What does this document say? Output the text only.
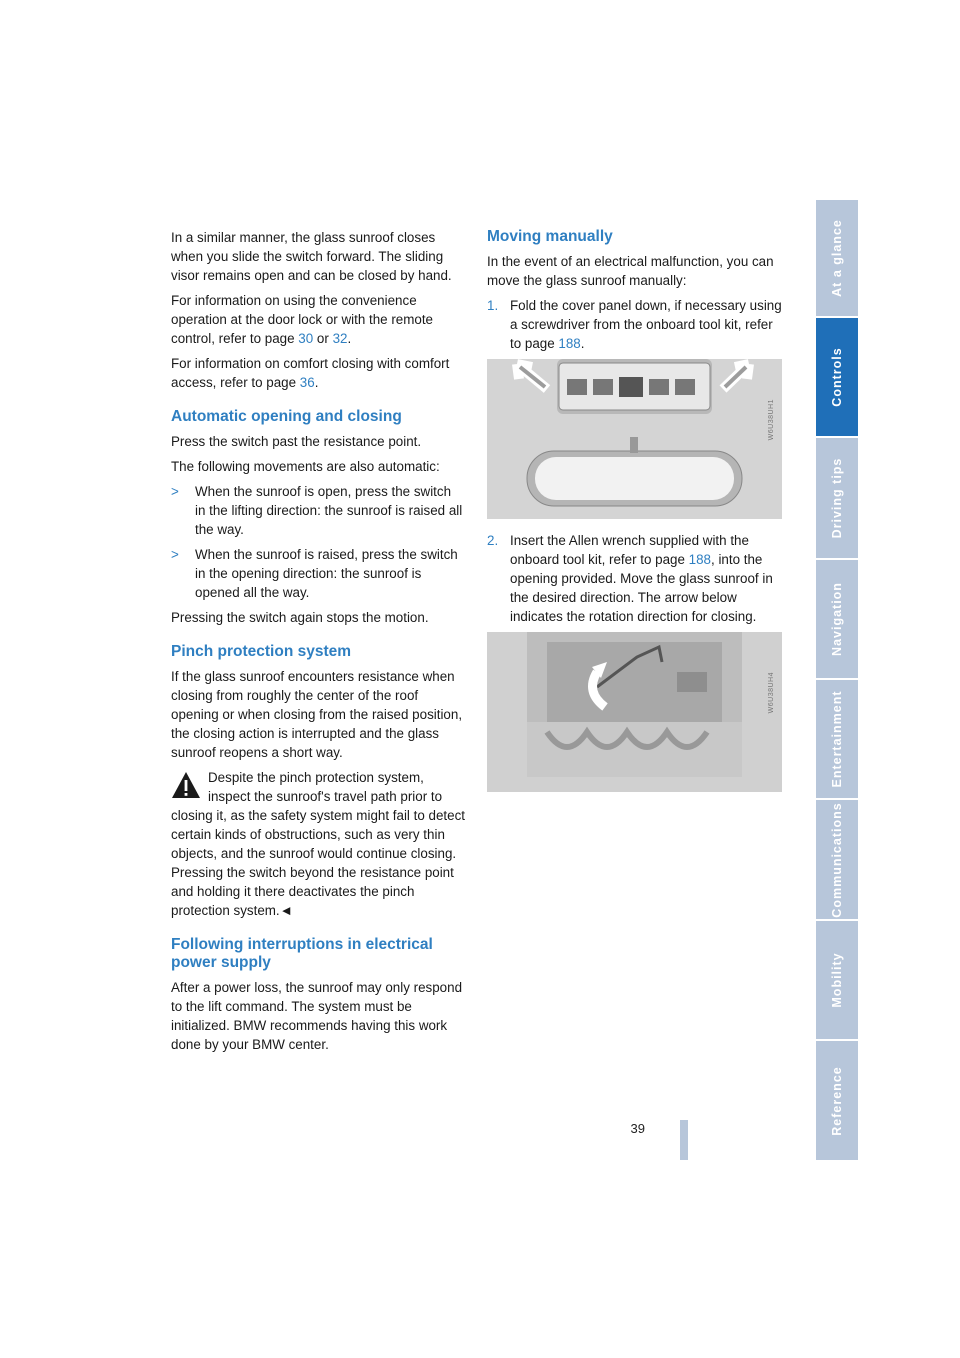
In a similar manner, the glass sunroof closes when you slide the switch forward. The sliding visor remains open and can be closed by hand.

For information on using the convenience operation at the door lock or with the remote control, refer to page 30 or 32.

For information on comfort closing with comfort access, refer to page 36.

Automatic opening and closing

Press the switch past the resistance point.

The following movements are also automatic:

> When the sunroof is open, press the switch in the lifting direction: the sunroof is raised all the way.
> When the sunroof is raised, press the switch in the opening direction: the sunroof is opened all the way.

Pressing the switch again stops the motion.

Pinch protection system

If the glass sunroof encounters resistance when closing from roughly the center of the roof opening or when closing from the raised position, the closing action is interrupted and the glass sunroof reopens a short way.

Despite the pinch protection system,

inspect the sunroof's travel path prior to

closing it, as the safety system might fail to detect certain kinds of obstructions, such as very thin objects, and the sunroof would continue closing.

Pressing the switch beyond the resistance point and holding it there deactivates the pinch protection system.◄

Following interruptions in electrical power supply

After a power loss, the sunroof may only respond to the lift command. The system must be initialized. BMW recommends having this work done by your BMW center.

Moving manually

In the event of an electrical malfunction, you can move the glass sunroof manually:

1. Fold the cover panel down, if necessary using a screwdriver from the onboard tool kit, refer to page 188.
W6U38UH1
2. Insert the Allen wrench supplied with the onboard tool kit, refer to page 188, into the opening provided. Move the glass sunroof in the desired direction. The arrow below indicates the rotation direction for closing.
W6U38UH4
At a glance
Controls
Driving tips
Navigation
Entertainment
Communications
Mobility
Reference
39
